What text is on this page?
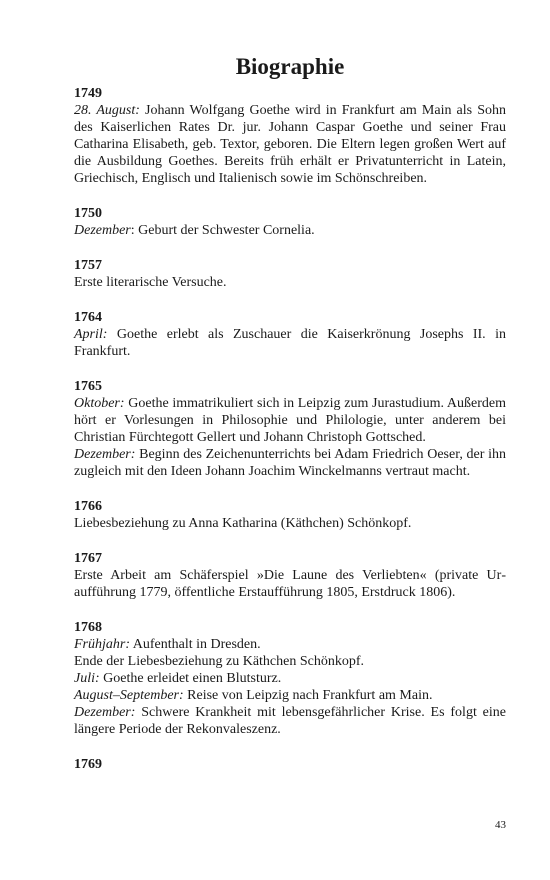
Biographie
1749
28. August: Johann Wolfgang Goethe wird in Frankfurt am Main als Sohn des Kaiserlichen Rates Dr. jur. Johann Caspar Goethe und seiner Frau Catharina Elisabeth, geb. Textor, geboren. Die Eltern legen großen Wert auf die Ausbildung Goethes. Bereits früh erhält er Privatunterricht in Latein, Griechisch, Englisch und Italienisch sowie im Schönschreiben.
1750
Dezember: Geburt der Schwester Cornelia.
1757
Erste literarische Versuche.
1764
April: Goethe erlebt als Zuschauer die Kaiserkrönung Josephs II. in Frankfurt.
1765
Oktober: Goethe immatrikuliert sich in Leipzig zum Jurastudium. Außerdem hört er Vorlesungen in Philosophie und Philologie, unter anderem bei Christian Fürchtegott Gellert und Johann Christoph Gottsched.
Dezember: Beginn des Zeichenunterrichts bei Adam Friedrich Oeser, der ihn zugleich mit den Ideen Johann Joachim Winckelmanns vertraut macht.
1766
Liebesbeziehung zu Anna Katharina (Käthchen) Schönkopf.
1767
Erste Arbeit am Schäferspiel »Die Laune des Verliebten« (private Uraufführung 1779, öffentliche Erstaufführung 1805, Erstdruck 1806).
1768
Frühjahr: Aufenthalt in Dresden.
Ende der Liebesbeziehung zu Käthchen Schönkopf.
Juli: Goethe erleidet einen Blutsturz.
August–September: Reise von Leipzig nach Frankfurt am Main.
Dezember: Schwere Krankheit mit lebensgefährlicher Krise. Es folgt eine längere Periode der Rekonvaleszenz.
1769
43
